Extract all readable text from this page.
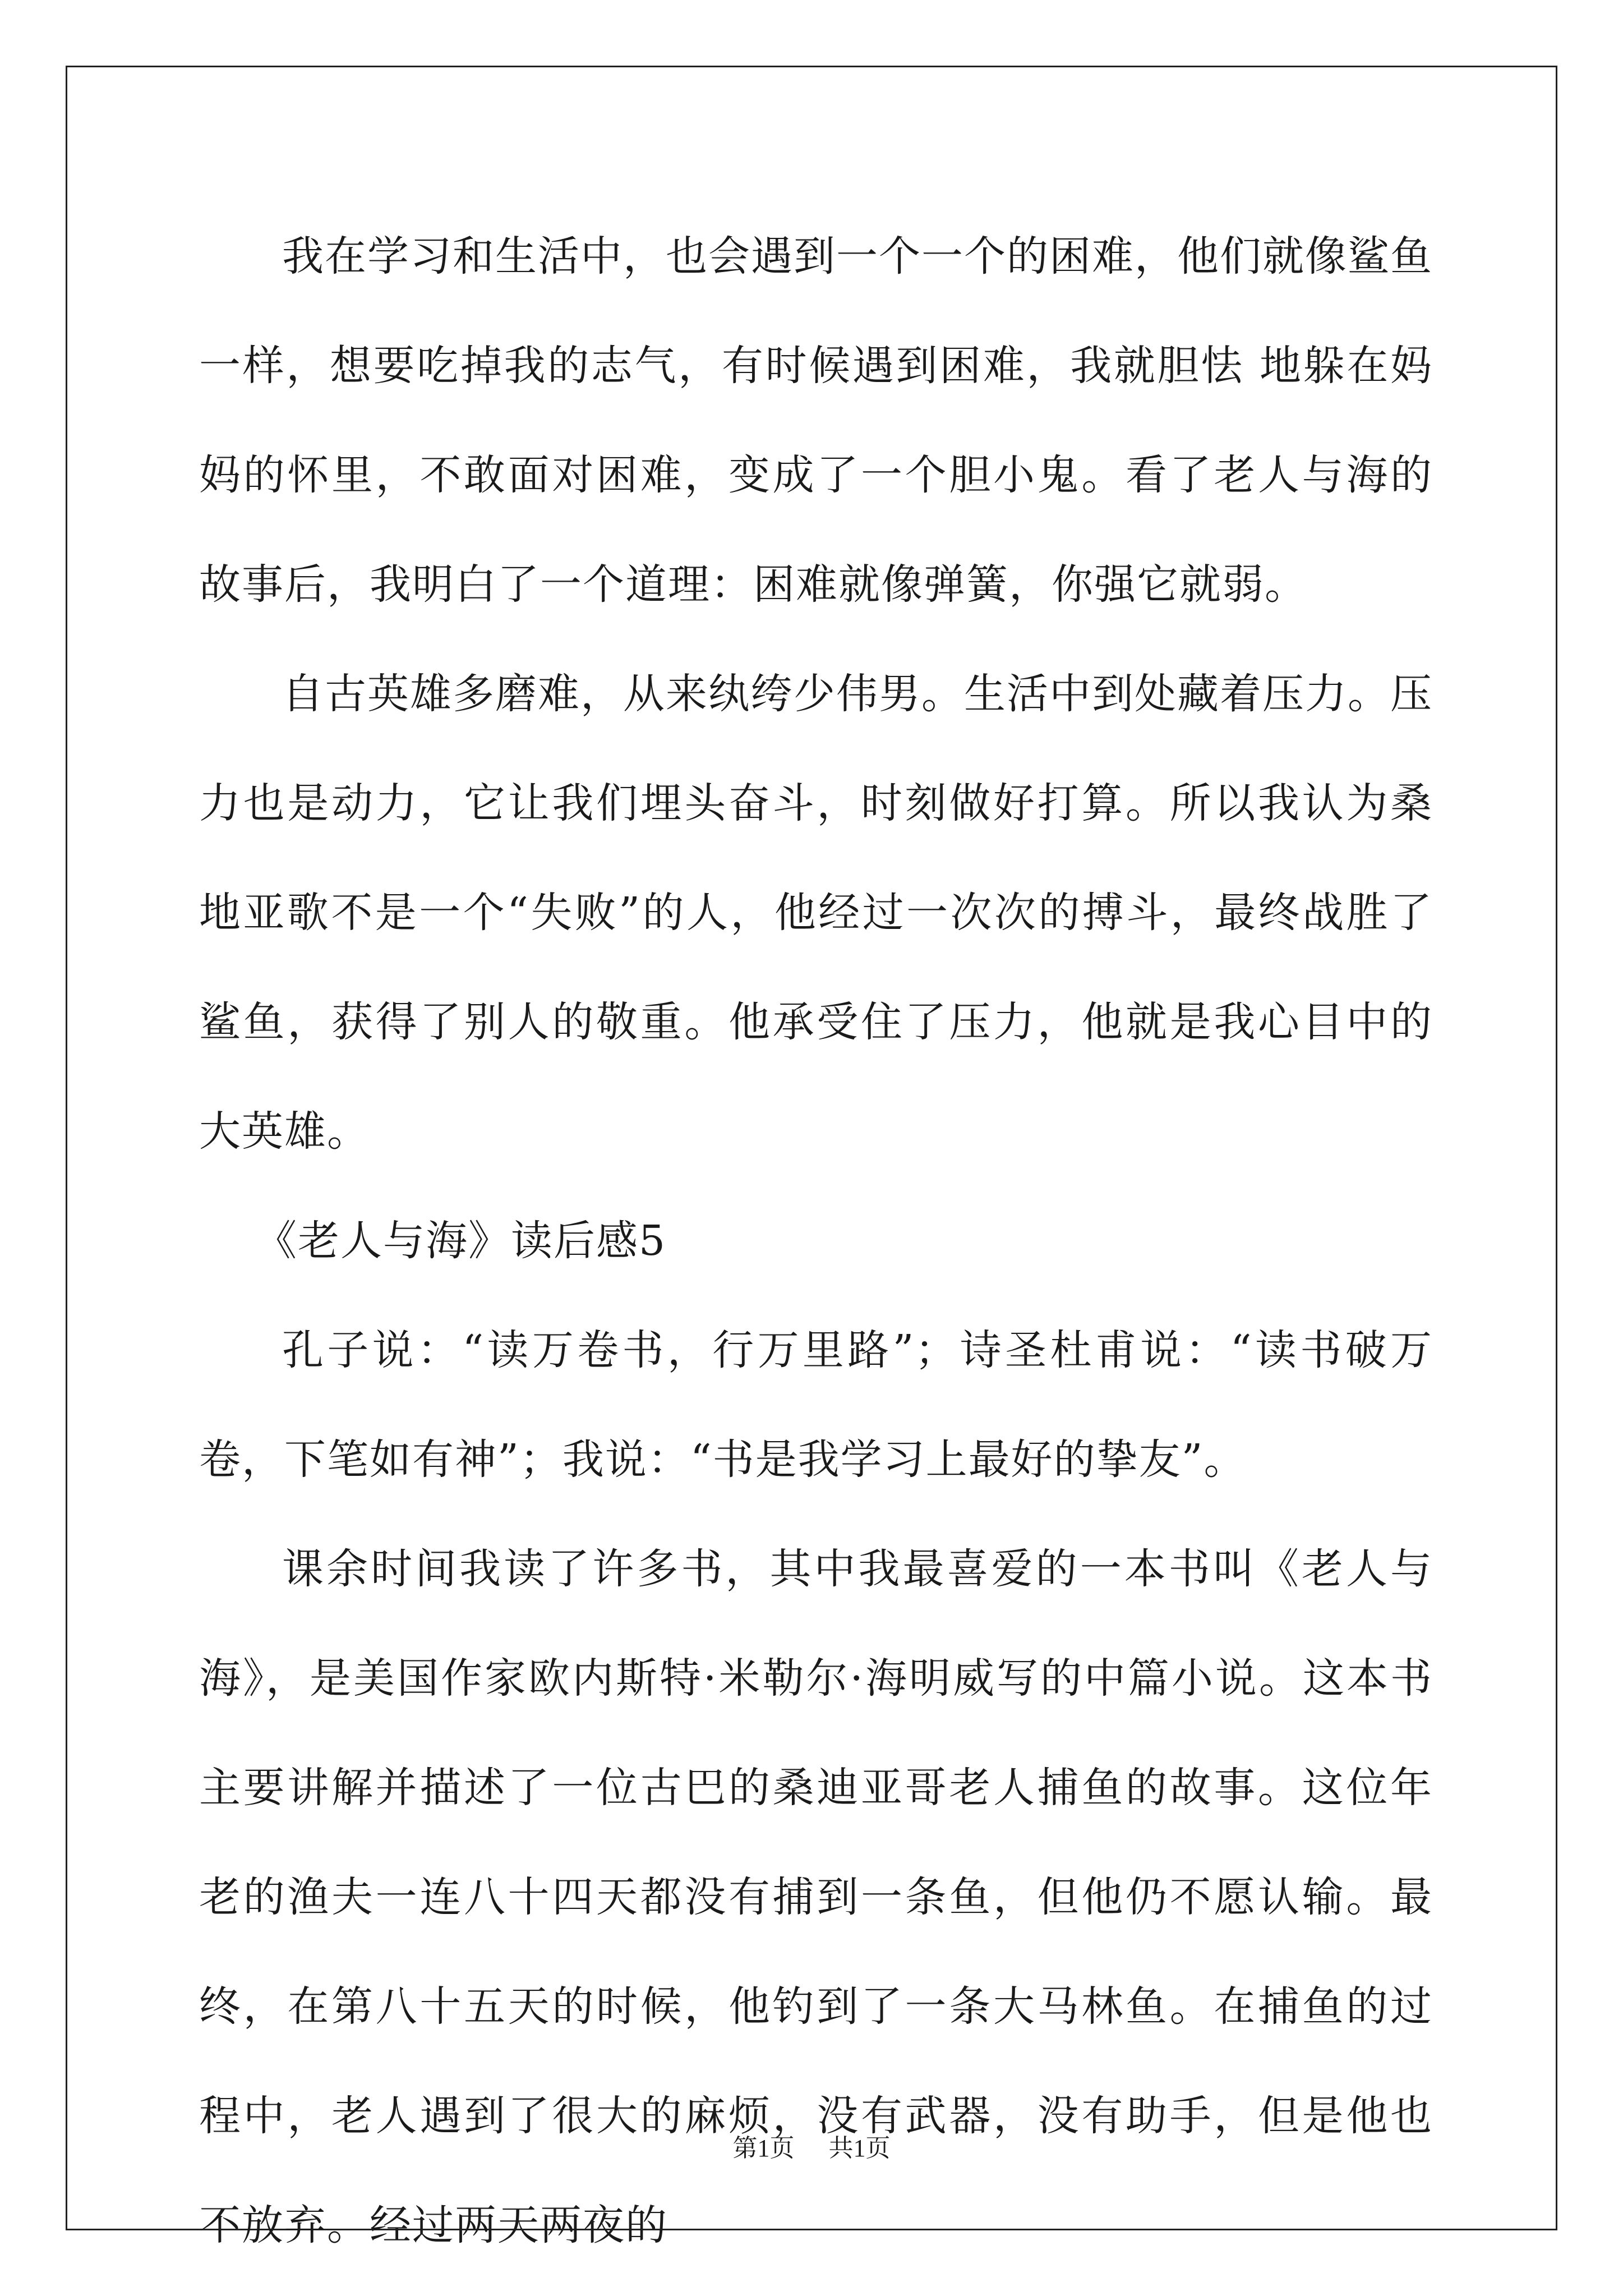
我在学习和生活中，也会遇到一个一个的困难，他们就像鲨鱼一样，想要吃掉我的志气，有时候遇到困难，我就胆怯 地躲在妈妈的怀里，不敢面对困难，变成了一个胆小鬼。看了老人与海的故事后，我明白了一个道理：困难就像弹簧，你强它就弱。

自古英雄多磨难，从来纨绔少伟男。生活中到处藏着压力。压力也是动力，它让我们埋头奋斗，时刻做好打算。所以我认为桑地亚歌不是一个“失败”的人，他经过一次次的搏斗，最终战胜了鲨鱼，获得了别人的敬重。他承受住了压力，他就是我心目中的大英雄。

《老人与海》读后感5

孔子说：“读万卷书，行万里路”；诗圣杜甫说：“读书破万卷，下笔如有神”；我说：“书是我学习上最好的挚友”。

课余时间我读了许多书，其中我最喜爱的一本书叫《老人与海》，是美国作家欧内斯特·米勒尔·海明威写的中篇小说。这本书主要讲解并描述了一位古巴的桑迪亚哥老人捕鱼的故事。这位年老的渔夫一连八十四天都没有捕到一条鱼，但他仍不愿认输。最终，在第八十五天的时候，他钓到了一条大马林鱼。在捕鱼的过程中，老人遇到了很大的麻烦，没有武器，没有助手，但是他也不放弃。经过两天两夜的

第1页 共1页
